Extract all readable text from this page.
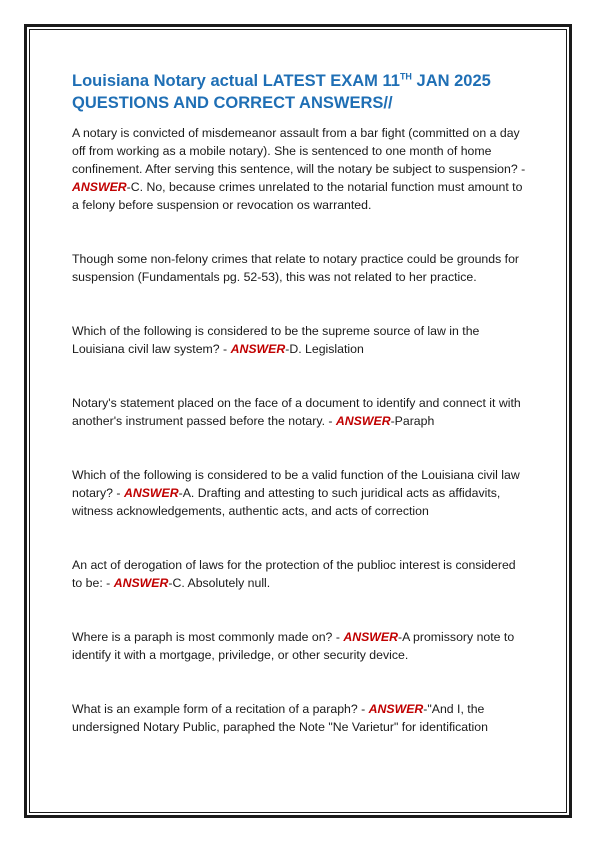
Louisiana Notary actual LATEST EXAM 11TH JAN 2025
QUESTIONS AND CORRECT ANSWERS//

A notary is convicted of misdemeanor assault from a bar fight (committed on a day off from working as a mobile notary). She is sentenced to one month of home confinement. After serving this sentence, will the notary be subject to suspension? - ANSWER-C. No, because crimes unrelated to the notarial function must amount to a felony before suspension or revocation os warranted.

Though some non-felony crimes that relate to notary practice could be grounds for suspension (Fundamentals pg. 52-53), this was not related to her practice.

Which of the following is considered to be the supreme source of law in the Louisiana civil law system? - ANSWER-D. Legislation

Notary's statement placed on the face of a document to identify and connect it with another's instrument passed before the notary. - ANSWER-Paraph

Which of the following is considered to be a valid function of the Louisiana civil law notary? - ANSWER-A. Drafting and attesting to such juridical acts as affidavits, witness acknowledgements, authentic acts, and acts of correction

An act of derogation of laws for the protection of the publioc interest is considered to be: - ANSWER-C. Absolutely null.

Where is a paraph is most commonly made on? - ANSWER-A promissory note to identify it with a mortgage, priviledge, or other security device.

What is an example form of a recitation of a paraph? - ANSWER-"And I, the undersigned Notary Public, paraphed the Note "Ne Varietur" for identification
